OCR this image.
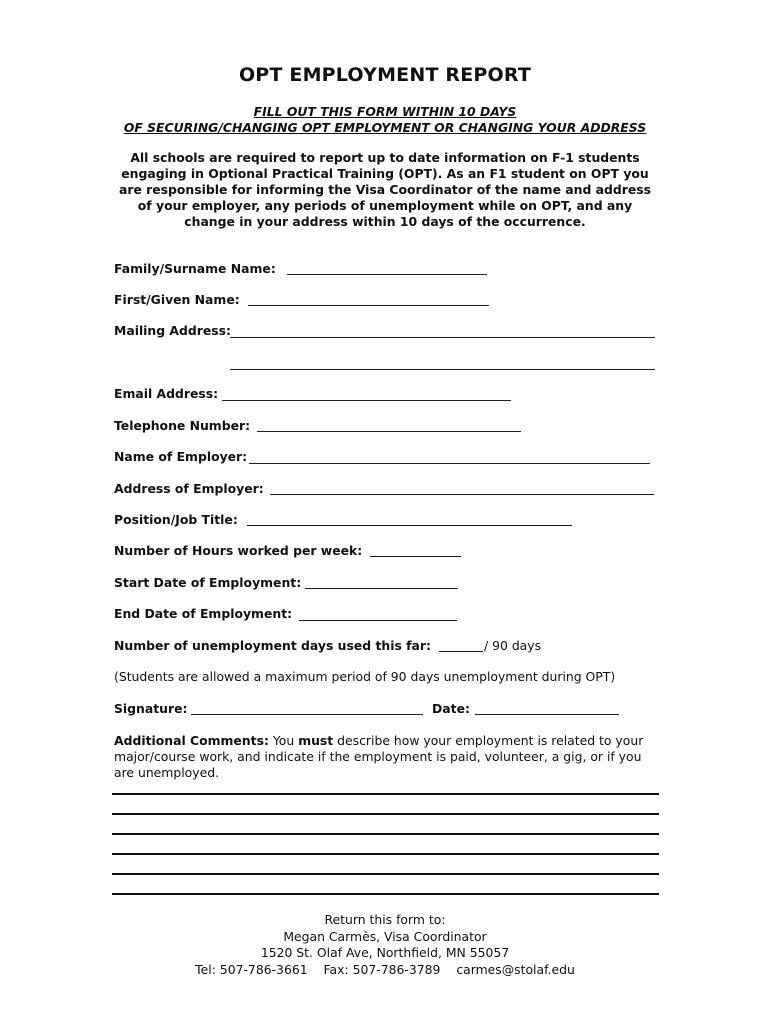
OPT EMPLOYMENT REPORT
FILL OUT THIS FORM WITHIN 10 DAYS
OF SECURING/CHANGING OPT EMPLOYMENT OR CHANGING YOUR ADDRESS
All schools are required to report up to date information on F-1 students engaging in Optional Practical Training (OPT). As an F1 student on OPT you are responsible for informing the Visa Coordinator of the name and address of your employer, any periods of unemployment while on OPT, and any change in your address within 10 days of the occurrence.
Family/Surname Name:
First/Given Name:
Mailing Address:
Email Address:
Telephone Number:
Name of Employer:
Address of Employer:
Position/Job Title:
Number of Hours worked per week:
Start Date of Employment:
End Date of Employment:
Number of unemployment days used this far:	/ 90 days
(Students are allowed a maximum period of 90 days unemployment during OPT)
Signature:	Date:
Additional Comments: You must describe how your employment is related to your major/course work, and indicate if the employment is paid, volunteer, a gig, or if you are unemployed.
Return this form to:
Megan Carmès, Visa Coordinator
1520 St. Olaf Ave, Northfield, MN 55057
Tel: 507-786-3661 Fax: 507-786-3789 carmes@stolaf.edu
